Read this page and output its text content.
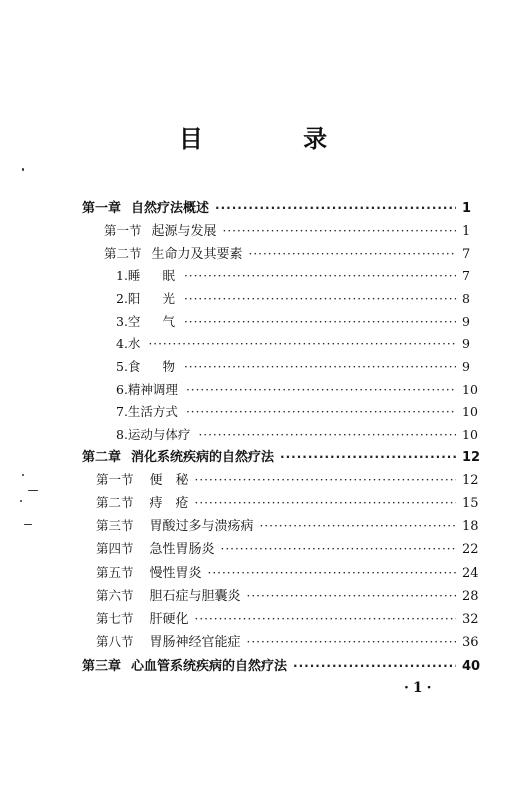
目 录
第一章 自然疗法概述 ·····	1
第一节 起源与发展 ·····	1
第二节 生命力及其要素 ·····	7
1.睡 眠 ·····	7
2.阳 光 ·····	8
3.空 气 ·····	9
4.水 ·····	9
5.食 物 ·····	9
6.精神调理 ·····	10
7.生活方式 ·····	10
8.运动与体疗 ·····	10
第二章 消化系统疾病的自然疗法 ·····	12
第一节 便　秘 ·····	12
第二节 痔　疮 ·····	15
第三节 胃酸过多与溃疡病 ·····	18
第四节 急性胃肠炎 ·····	22
第五节 慢性胃炎 ·····	24
第六节 胆石症与胆囊炎 ·····	28
第七节 肝硬化 ·····	32
第八节 胃肠神经官能症 ·····	36
第三章 心血管系统疾病的自然疗法 ·····	40
·1·
